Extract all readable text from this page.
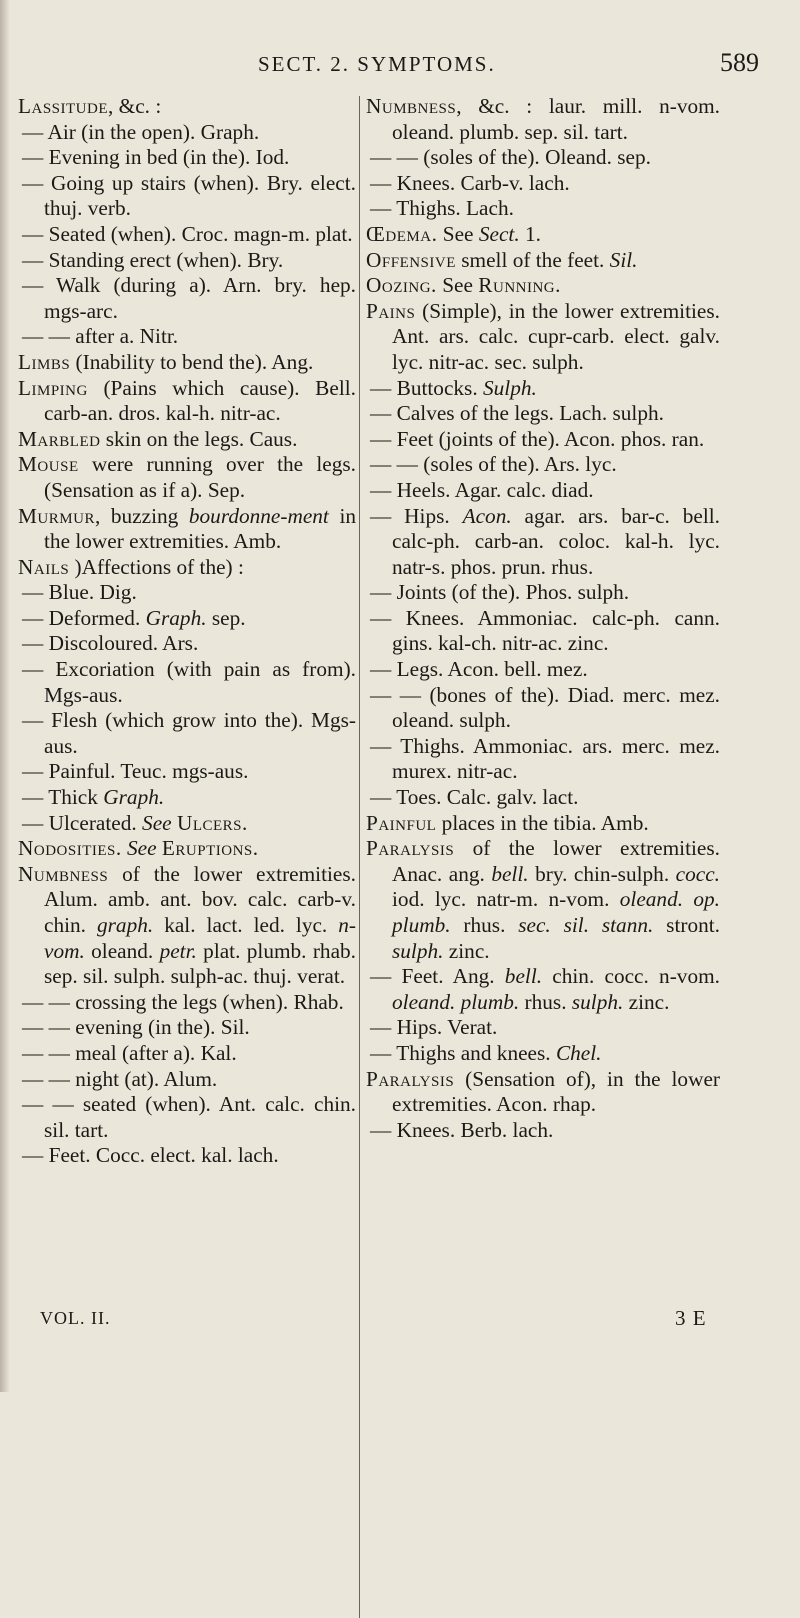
SECT. 2. SYMPTOMS.	589

Lassitude, &c. :

— Air (in the open). Graph.

— Evening in bed (in the). Iod.

— Going up stairs (when). Bry. elect. thuj. verb.

— Seated (when). Croc. magn-m. plat.

— Standing erect (when). Bry.

— Walk (during a). Arn. bry. hep. mgs-arc.

— — after a. Nitr.

Limbs (Inability to bend the). Ang.

Limping (Pains which cause). Bell. carb-an. dros. kal-h. nitr-ac.

Marbled skin on the legs. Caus.

Mouse were running over the legs. (Sensation as if a). Sep.

Murmur, buzzing bourdonne-ment in the lower extremities. Amb.

Nails )Affections of the) :

— Blue. Dig.

— Deformed. Graph. sep.

— Discoloured. Ars.

— Excoriation (with pain as from). Mgs-aus.

— Flesh (which grow into the). Mgs-aus.

— Painful. Teuc. mgs-aus.

— Thick Graph.

— Ulcerated. See Ulcers.

Nodosities. See Eruptions.

Numbness of the lower extremities. Alum. amb. ant. bov. calc. carb-v. chin. graph. kal. lact. led. lyc. n-vom. oleand. petr. plat. plumb. rhab. sep. sil. sulph. sulph-ac. thuj. verat.

— — crossing the legs (when). Rhab.

— — evening (in the). Sil.

— — meal (after a). Kal.

— — night (at). Alum.

— — seated (when). Ant. calc. chin. sil. tart.

— Feet. Cocc. elect. kal. lach.

Numbness, &c. : laur. mill. n-vom. oleand. plumb. sep. sil. tart.

— — (soles of the). Oleand. sep.

— Knees. Carb-v. lach.

— Thighs. Lach.

Œdema. See Sect. 1.

Offensive smell of the feet. Sil.

Oozing. See Running.

Pains (Simple), in the lower extremities. Ant. ars. calc. cupr-carb. elect. galv. lyc. nitr-ac. sec. sulph.

— Buttocks. Sulph.

— Calves of the legs. Lach. sulph.

— Feet (joints of the). Acon. phos. ran.

— — (soles of the). Ars. lyc.

— Heels. Agar. calc. diad.

— Hips. Acon. agar. ars. bar-c. bell. calc-ph. carb-an. coloc. kal-h. lyc. natr-s. phos. prun. rhus.

— Joints (of the). Phos. sulph.

— Knees. Ammoniac. calc-ph. cann. gins. kal-ch. nitr-ac. zinc.

— Legs. Acon. bell. mez.

— — (bones of the). Diad. merc. mez. oleand. sulph.

— Thighs. Ammoniac. ars. merc. mez. murex. nitr-ac.

— Toes. Calc. galv. lact.

Painful places in the tibia. Amb.

Paralysis of the lower extremities. Anac. ang. bell. bry. chin-sulph. cocc. iod. lyc. natr-m. n-vom. oleand. op. plumb. rhus. sec. sil. stann. stront. sulph. zinc.

— Feet. Ang. bell. chin. cocc. n-vom. oleand. plumb. rhus. sulph. zinc.

— Hips. Verat.

— Thighs and knees. Chel.

Paralysis (Sensation of), in the lower extremities. Acon. rhap.

— Knees. Berb. lach.

VOL. II.	3 E
